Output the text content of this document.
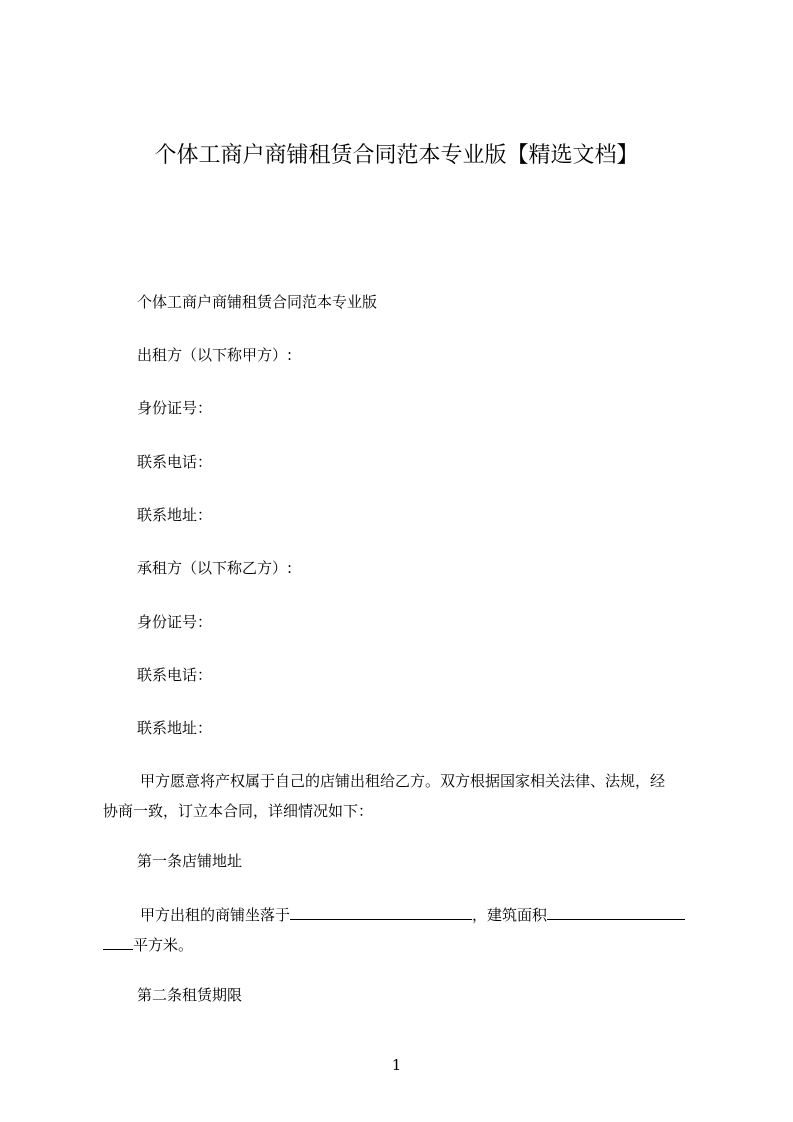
个体工商户商铺租赁合同范本专业版【精选文档】

个体工商户商铺租赁合同范本专业版

出租方（以下称甲方）:

身份证号：

联系电话：

联系地址：

承租方（以下称乙方）:

身份证号：

联系电话：

联系地址：

甲方愿意将产权属于自己的店铺出租给乙方。双方根据国家相关法律、法规，经
协商一致，订立本合同，详细情况如下：

第一条店铺地址

甲方出租的商铺坐落于	，建筑面积
平方米。

第二条租赁期限

1
